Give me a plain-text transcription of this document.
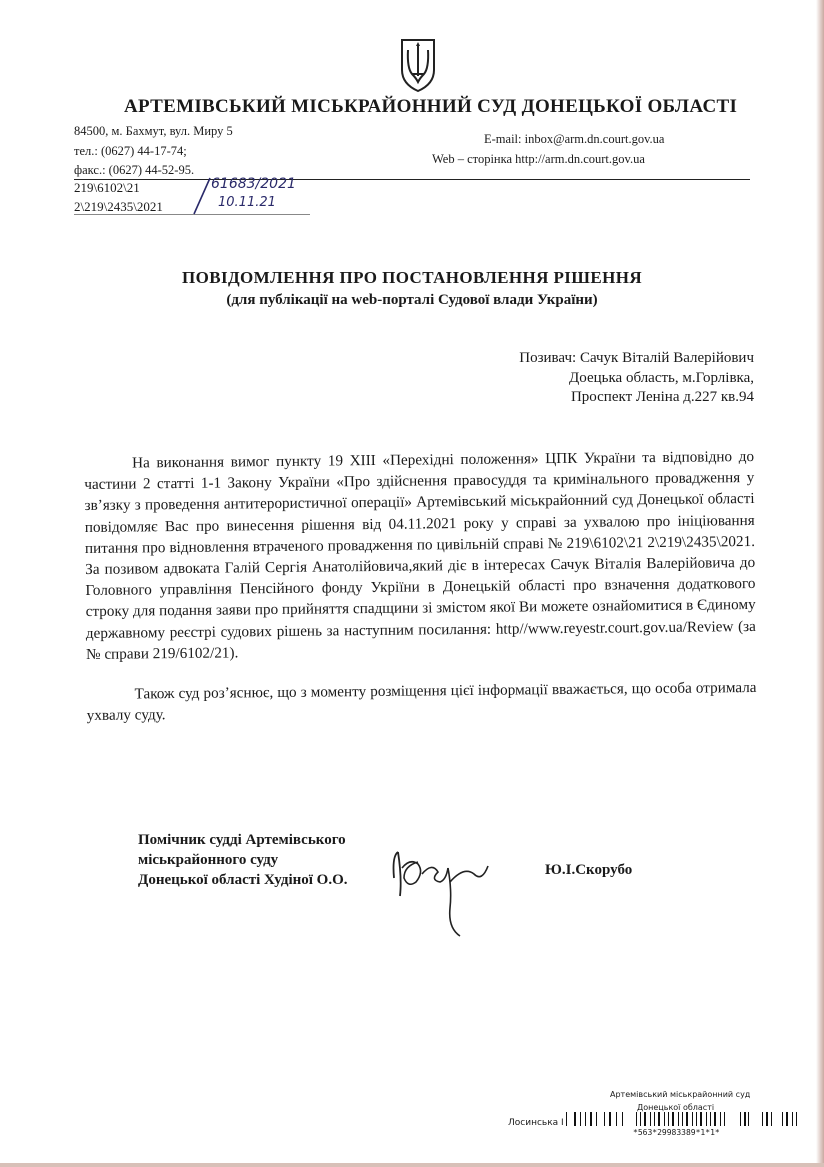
АРТЕМІВСЬКИЙ МІСЬКРАЙОННИЙ СУД ДОНЕЦЬКОЇ ОБЛАСТІ
84500, м. Бахмут, вул. Миру 5
тел.: (0627) 44-17-74;
факс.: (0627) 44-52-95.
E-mail: inbox@arm.dn.court.gov.ua
Web – сторінка http://arm.dn.court.gov.ua
219\6102\21
2\219\2435\2021
61683/2021
10.11.21
ПОВІДОМЛЕННЯ ПРО ПОСТАНОВЛЕННЯ РІШЕННЯ
(для публікації на web-порталі Судової влади України)
Позивач: Сачук Віталій Валерійович
Доецька область, м.Горлівка,
Проспект Леніна д.227 кв.94

На виконання вимог пункту 19 XIII «Перехідні положення» ЦПК України та відповідно до частини 2 статті 1-1 Закону України «Про здійснення правосуддя та кримінального провадження у зв’язку з проведення антитерористичної операції» Артемівський міськрайонний суд Донецької області повідомляє Вас про винесення рішення від 04.11.2021 року у справі за ухвалою про ініціювання питання про відновлення втраченого провадження по цивільній справі № 219\6102\21 2\219\2435\2021. За позивом адвоката Галій Сергія Анатолійовича,який діє в інтересах Сачук Віталія Валерійовича до Головного управління Пенсійного фонду Укріїни в Донецькій області про взначення додаткового строку для подання заяви про прийняття спадщини зі змістом якої Ви можете ознайомитися в Єдиному державному реєстрі судових рішень за наступним посилання: http//www.reyestr.court.gov.ua/Review (за № справи 219/6102/21).

Також суд роз’яснює, що з моменту розміщення цієї інформації вважається, що особа отримала ухвалу суду.

Помічник судді Артемівського
міськрайонного суду
Донецької області Худіної О.О.
Ю.І.Скорубо
Артемівський міськрайонний суд
Донецької області
Лосинська І
*563*29983389*1*1*
